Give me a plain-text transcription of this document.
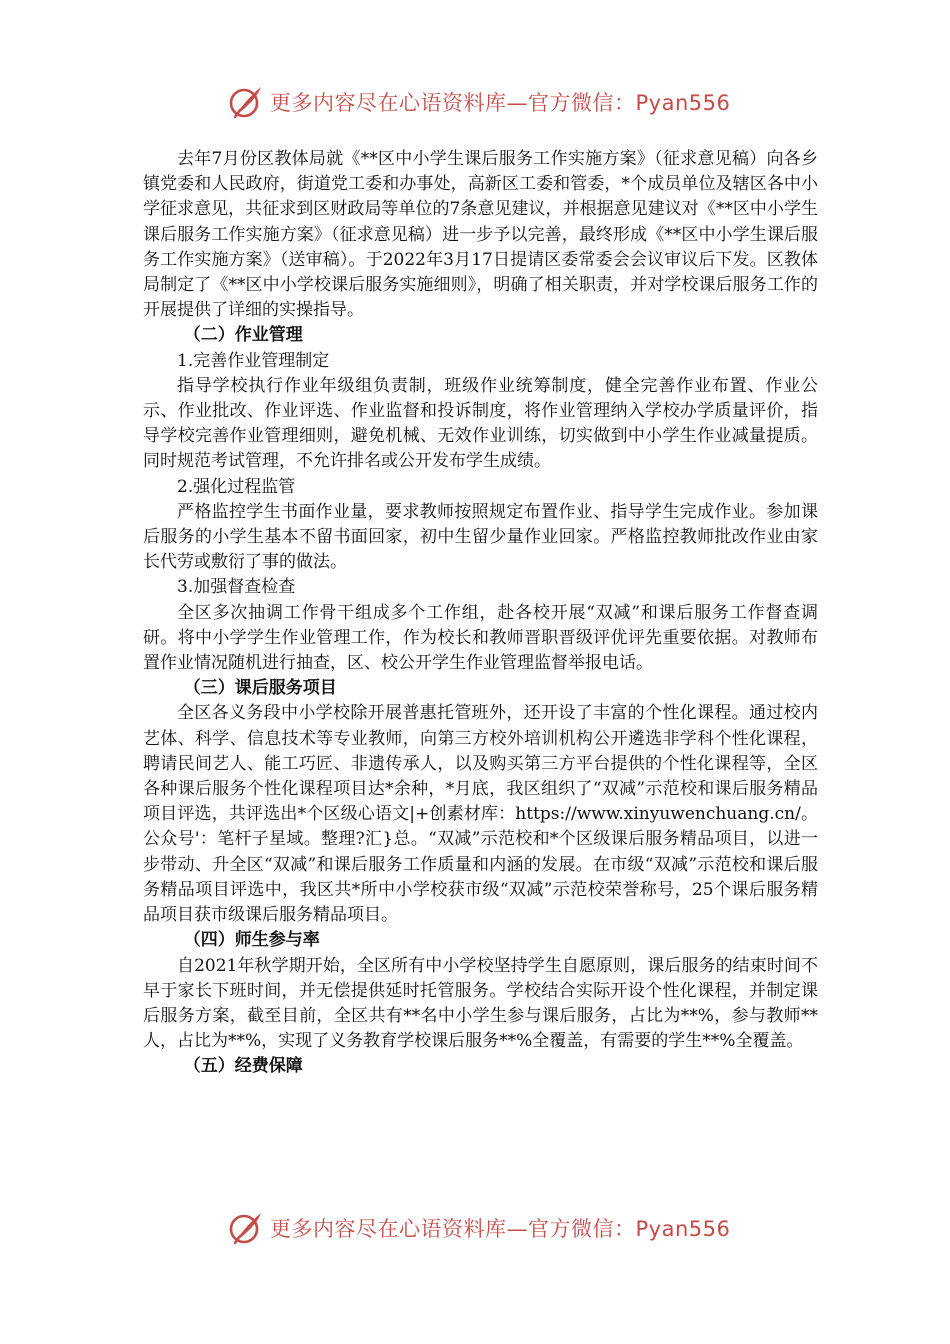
更多内容尽在心语资料库—官方微信：Pyan556

去年7月份区教体局就《**区中小学生课后服务工作实施方案》（征求意见稿）向各乡镇党委和人民政府，街道党工委和办事处，高新区工委和管委，*个成员单位及辖区各中小学征求意见，共征求到区财政局等单位的7条意见建议，并根据意见建议对《**区中小学生课后服务工作实施方案》（征求意见稿）进一步予以完善，最终形成《**区中小学生课后服务工作实施方案》（送审稿）。于2022年3月17日提请区委常委会会议审议后下发。区教体局制定了《**区中小学校课后服务实施细则》，明确了相关职责，并对学校课后服务工作的开展提供了详细的实操指导。

（二）作业管理

1.完善作业管理制定

指导学校执行作业年级组负责制，班级作业统筹制度，健全完善作业布置、作业公示、作业批改、作业评选、作业监督和投诉制度，将作业管理纳入学校办学质量评价，指导学校完善作业管理细则，避免机械、无效作业训练，切实做到中小学生作业减量提质。同时规范考试管理，不允许排名或公开发布学生成绩。

2.强化过程监管

严格监控学生书面作业量，要求教师按照规定布置作业、指导学生完成作业。参加课后服务的小学生基本不留书面回家，初中生留少量作业回家。严格监控教师批改作业由家长代劳或敷衍了事的做法。

3.加强督查检查

全区多次抽调工作骨干组成多个工作组，赴各校开展“双减”和课后服务工作督查调研。将中小学学生作业管理工作，作为校长和教师晋职晋级评优评先重要依据。对教师布置作业情况随机进行抽查，区、校公开学生作业管理监督举报电话。

（三）课后服务项目

全区各义务段中小学校除开展普惠托管班外，还开设了丰富的个性化课程。通过校内艺体、科学、信息技术等专业教师，向第三方校外培训机构公开遴选非学科个性化课程，聘请民间艺人、能工巧匠、非遗传承人，以及购买第三方平台提供的个性化课程等，全区各种课后服务个性化课程项目达*余种，*月底，我区组织了“双减”示范校和课后服务精品项目评选，共评选出*个区级心语文|+创素材库：https://www.xinyuwenchuang.cn/。公众号'：笔杆子星域。整理?汇}总。“双减”示范校和*个区级课后服务精品项目，以进一步带动、升全区“双减”和课后服务工作质量和内涵的发展。在市级“双减”示范校和课后服务精品项目评选中，我区共*所中小学校获市级“双减”示范校荣誉称号，25个课后服务精品项目获市级课后服务精品项目。

（四）师生参与率

自2021年秋学期开始，全区所有中小学校坚持学生自愿原则，课后服务的结束时间不早于家长下班时间，并无偿提供延时托管服务。学校结合实际开设个性化课程，并制定课后服务方案，截至目前，全区共有**名中小学生参与课后服务，占比为**%，参与教师**人，占比为**%，实现了义务教育学校课后服务**%全覆盖，有需要的学生**%全覆盖。

（五）经费保障
更多内容尽在心语资料库—官方微信：Pyan556
